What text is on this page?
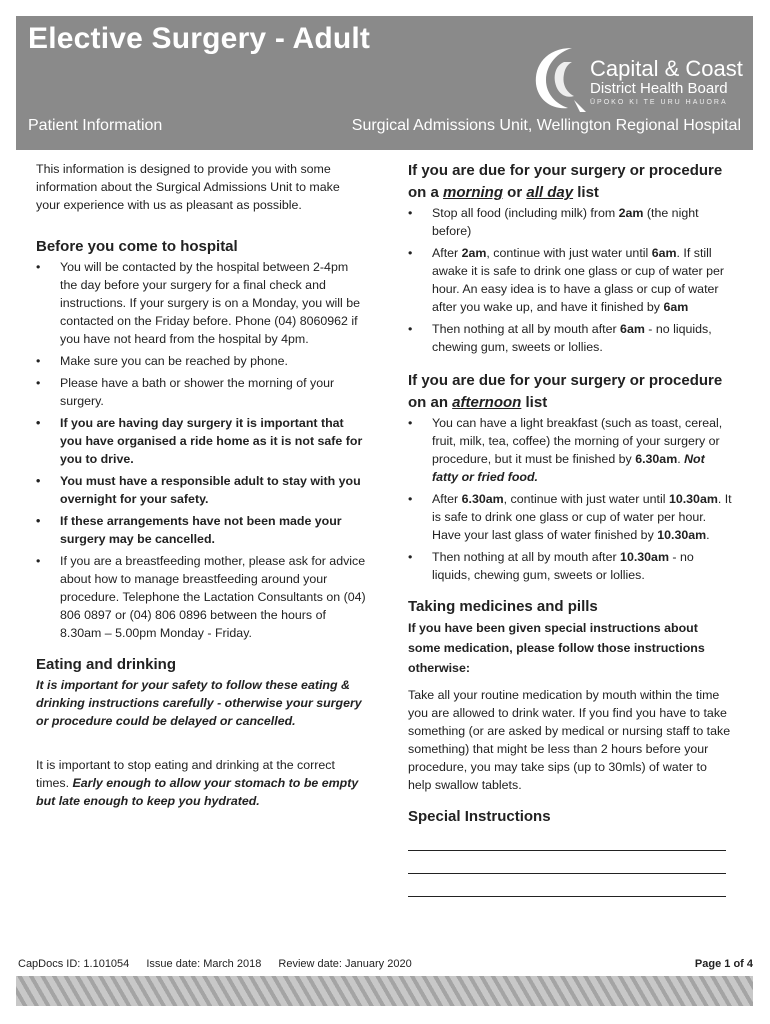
Elective Surgery - Adult
Capital & Coast
District Health Board
ŪPOKO KI TE URU HAUORA
Patient Information	Surgical Admissions Unit, Wellington Regional Hospital

This information is designed to provide you with some information about the Surgical Admissions Unit to make your experience with us as pleasant as possible.

Before you come to hospital
• You will be contacted by the hospital between 2-4pm the day before your surgery for a final check and instructions. If your surgery is on a Monday, you will be contacted on the Friday before. Phone (04) 8060962 if you have not heard from the hospital by 4pm.
• Make sure you can be reached by phone.
• Please have a bath or shower the morning of your surgery.
• If you are having day surgery it is important that you have organised a ride home as it is not safe for you to drive.
• You must have a responsible adult to stay with you overnight for your safety.
• If these arrangements have not been made your surgery may be cancelled.
• If you are a breastfeeding mother, please ask for advice about how to manage breastfeeding around your procedure. Telephone the Lactation Consultants on (04) 806 0897 or (04) 806 0896 between the hours of 8.30am – 5.00pm Monday - Friday.
Eating and drinking

It is important for your safety to follow these eating & drinking instructions carefully - otherwise your surgery or procedure could be delayed or cancelled.

It is important to stop eating and drinking at the correct times. Early enough to allow your stomach to be empty but late enough to keep you hydrated.

If you are due for your surgery or procedure on a morning or all day list
• Stop all food (including milk) from 2am (the night before)
• After 2am, continue with just water until 6am. If still awake it is safe to drink one glass or cup of water per hour. An easy idea is to have a glass or cup of water after you wake up, and have it finished by 6am
• Then nothing at all by mouth after 6am - no liquids, chewing gum, sweets or lollies.
If you are due for your surgery or procedure on an afternoon list
• You can have a light breakfast (such as toast, cereal, fruit, milk, tea, coffee) the morning of your surgery or procedure, but it must be finished by 6.30am. Not fatty or fried food.
• After 6.30am, continue with just water until 10.30am. It is safe to drink one glass or cup of water per hour. Have your last glass of water finished by 10.30am.
• Then nothing at all by mouth after 10.30am - no liquids, chewing gum, sweets or lollies.
Taking medicines and pills

If you have been given special instructions about some medication, please follow those instructions otherwise:

Take all your routine medication by mouth within the time you are allowed to drink water. If you find you have to take something (or are asked by medical or nursing staff to take something) that might be less than 2 hours before your procedure, you may take sips (up to 30mls) of water to help swallow tablets.

Special Instructions
CapDocs ID: 1.101054 Issue date: March 2018 Review date: January 2020	Page 1 of 4
